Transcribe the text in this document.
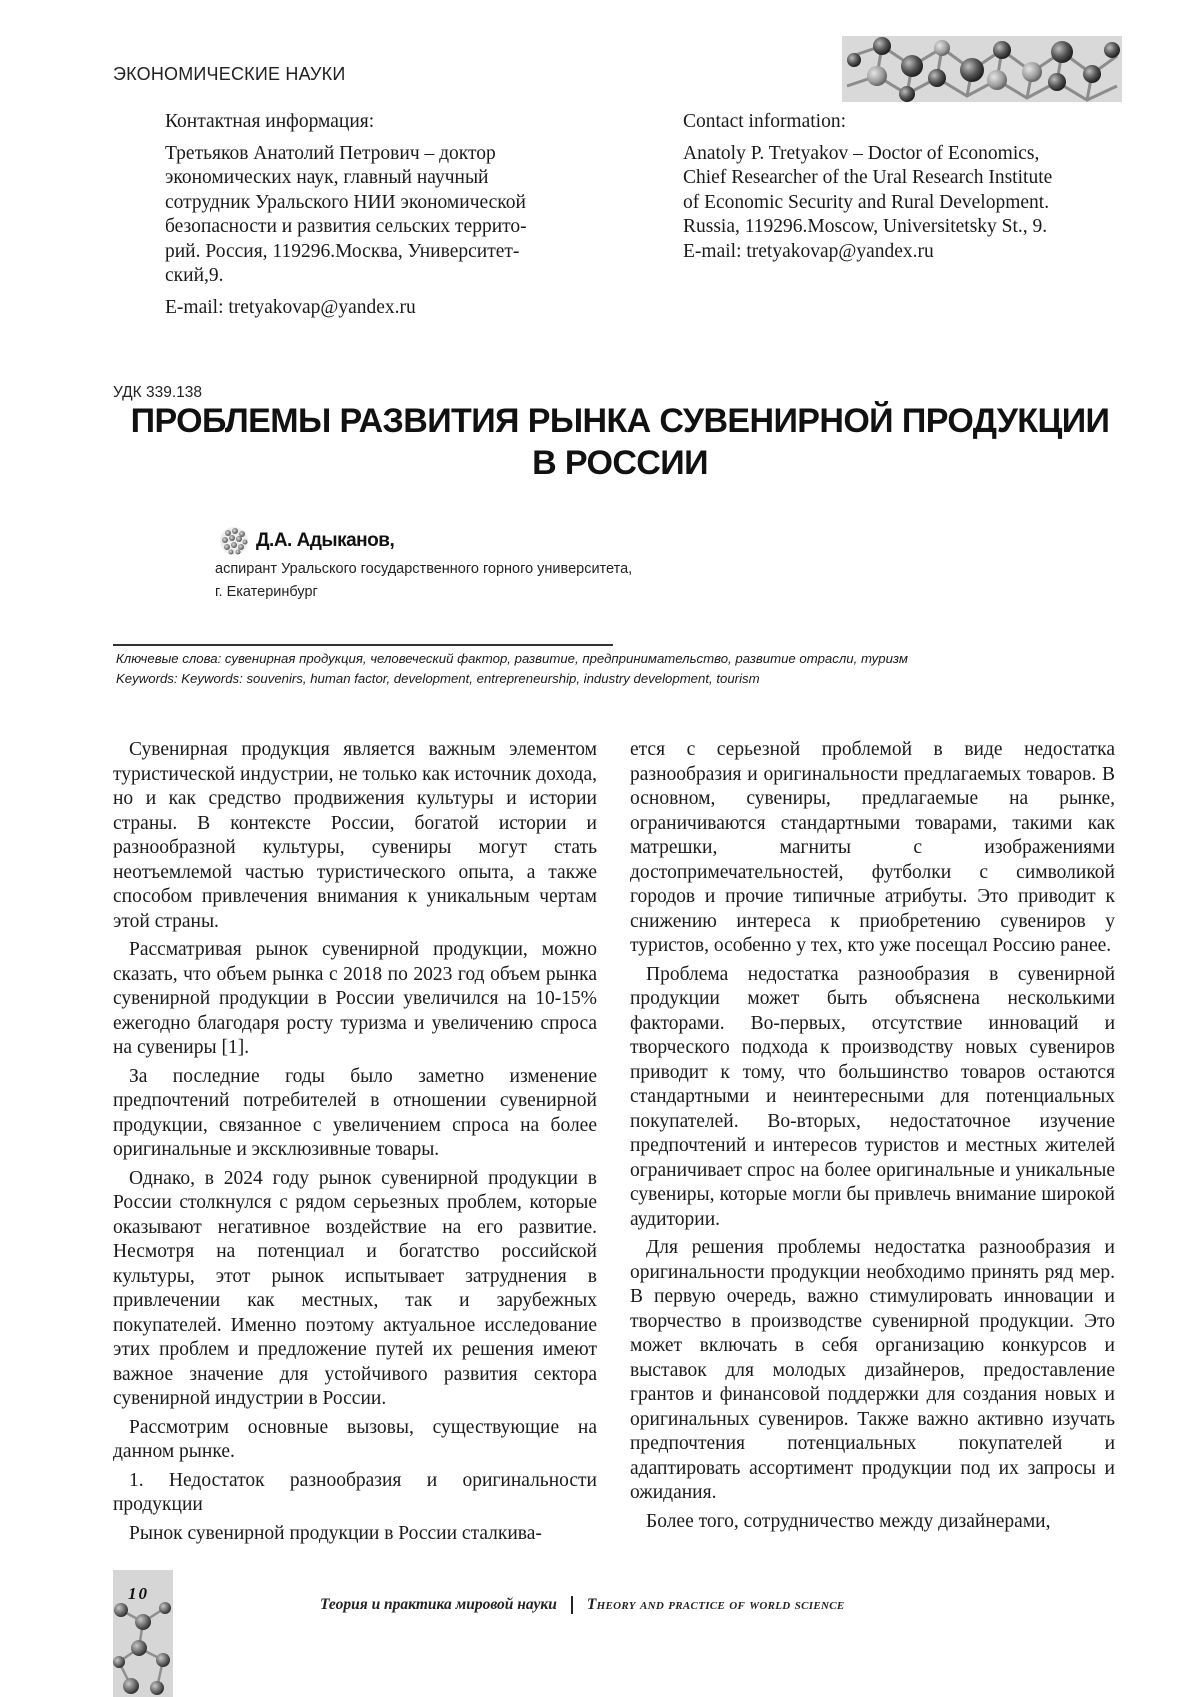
ЭКОНОМИЧЕСКИЕ НАУКИ

Контактная информация:

Третьяков Анатолий Петрович – доктор

экономических наук, главный научный

сотрудник Уральского НИИ экономической

безопасности и развития сельских террито-

рий. Россия, 119296.Москва, Университет-

ский,9.

E-mail: tretyakovap@yandex.ru

Contact information:

Anatoly P. Tretyakov – Doctor of Economics,

Chief Researcher of the Ural Research Institute

of Economic Security and Rural Development.

Russia, 119296.Moscow, Universitetsky St., 9.

E-mail: tretyakovap@yandex.ru

УДК 339.138
ПРОБЛЕМЫ РАЗВИТИЯ РЫНКА СУВЕНИРНОЙ ПРОДУКЦИИ
В РОССИИ
Д.А. Адыканов,
аспирант Уральского государственного горного университета,
г. Екатеринбург
Ключевые слова: сувенирная продукция, человеческий фактор, развитие, предпринимательство, развитие отрасли, туризм
Keywords: Keywords: souvenirs, human factor, development, entrepreneurship, industry development, tourism

Сувенирная продукция является важным элементом туристической индустрии, не только как источник дохода, но и как средство продвижения культуры и истории страны. В контексте России, богатой истории и разнообразной культуры, сувениры могут стать неотъемлемой частью туристического опыта, а также способом привлечения внимания к уникальным чертам этой страны.

Рассматривая рынок сувенирной продукции, можно сказать, что объем рынка с 2018 по 2023 год объем рынка сувенирной продукции в России увеличился на 10-15% ежегодно благодаря росту туризма и увеличению спроса на сувениры [1].

За последние годы было заметно изменение предпочтений потребителей в отношении сувенирной продукции, связанное с увеличением спроса на более оригинальные и эксклюзивные товары.

Однако, в 2024 году рынок сувенирной продукции в России столкнулся с рядом серьезных проблем, которые оказывают негативное воздействие на его развитие. Несмотря на потенциал и богатство российской культуры, этот рынок испытывает затруднения в привлечении как местных, так и зарубежных покупателей. Именно поэтому актуальное исследование этих проблем и предложение путей их решения имеют важное значение для устойчивого развития сектора сувенирной индустрии в России.

Рассмотрим основные вызовы, существующие на данном рынке.

1. Недостаток разнообразия и оригинальности продукции

Рынок сувенирной продукции в России сталкива-

ется с серьезной проблемой в виде недостатка разнообразия и оригинальности предлагаемых товаров. В основном, сувениры, предлагаемые на рынке, ограничиваются стандартными товарами, такими как матрешки, магниты с изображениями достопримечательностей, футболки с символикой городов и прочие типичные атрибуты. Это приводит к снижению интереса к приобретению сувениров у туристов, особенно у тех, кто уже посещал Россию ранее.

Проблема недостатка разнообразия в сувенирной продукции может быть объяснена несколькими факторами. Во-первых, отсутствие инноваций и творческого подхода к производству новых сувениров приводит к тому, что большинство товаров остаются стандартными и неинтересными для потенциальных покупателей. Во-вторых, недостаточное изучение предпочтений и интересов туристов и местных жителей ограничивает спрос на более оригинальные и уникальные сувениры, которые могли бы привлечь внимание широкой аудитории.

Для решения проблемы недостатка разнообразия и оригинальности продукции необходимо принять ряд мер. В первую очередь, важно стимулировать инновации и творчество в производстве сувенирной продукции. Это может включать в себя организацию конкурсов и выставок для молодых дизайнеров, предоставление грантов и финансовой поддержки для создания новых и оригинальных сувениров. Также важно активно изучать предпочтения потенциальных покупателей и адаптировать ассортимент продукции под их запросы и ожидания.

Более того, сотрудничество между дизайнерами,

10
Теория и практика мировой науки Theory and practice of world science
